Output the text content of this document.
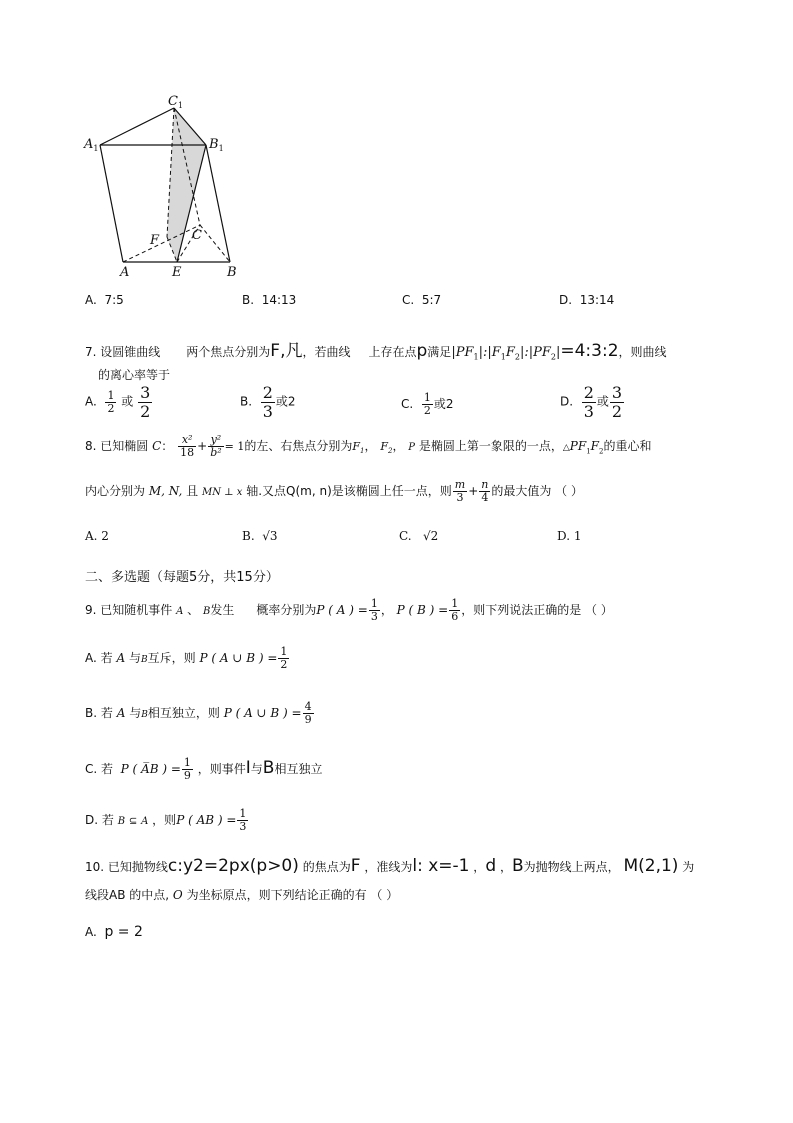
$C_1$
$A_1$	$B_1$
C
F
A	E	B
A. 7:5	B. 14:13	C. 5:7	D. 13:14
7. 设圆锥曲线 两个焦点分别为F,凡，若曲线 上存在点p满足$|PF_1|:|F_1F_2|:|PF_2|=4:3:2$，则曲线
的离心率等于
A. $\frac{1}{2}$ 或 $\frac{3}{2}$	B. $\frac{2}{3}$ 或2	C. $\frac{1}{2}$ 或2	D. $\frac{2}{3}$ 或 $\frac{3}{2}$
8. 已知椭圆 C： $\frac{\text{x²}}{18} + \frac{\text{y²}}{\text{b²}} = 1$的左、右焦点分别为$F_1$， $F_2$， P 是椭圆上第一象限的一点，$\triangle PF_1F_2$的重心和
内心分别为 M, N, 且 MN ⊥ x 轴.又点Q(m, n)是该椭圆上任一点，则 $\frac{m}{3} + \frac{n}{4}$ 的最大值为 （ ）
A. 2	B. √3	C. √2	D. 1
二、多选题（每题5分，共15分）
9. 已知随机事件 A 、 B发生 概率分别为P ( A ) = $\frac{1}{3}$ ， P ( B ) = $\frac{1}{6}$ ，则下列说法正确的是 （ ）
A. 若 A 与B互斥，则 P ( A ∪ B ) = $\frac{1}{2}$
B. 若 A 与B相互独立，则 P ( A ∪ B ) = $\frac{4}{9}$
C. 若 P ( A̅B ) = $\frac{1}{9}$ ，则事件I与B相互独立
D. 若 B ⊆ A ，则P ( AB ) = $\frac{1}{3}$
10. 已知抛物线c:y2=2px(p>0) 的焦点为F ，准线为l: x=-1 ，d ，B为抛物线上两点， M(2,1) 为
线段AB 的中点, O 为坐标原点，则下列结论正确的有 （ ）
A. p = 2
